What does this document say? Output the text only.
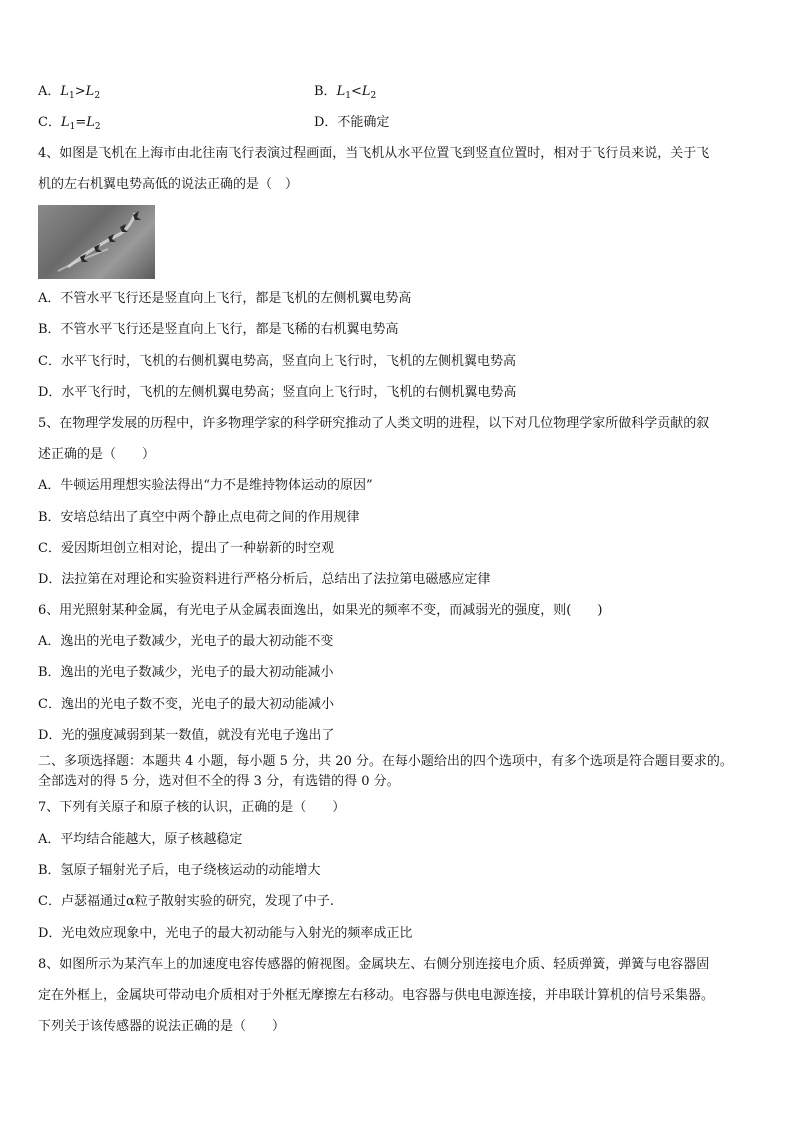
A．$L_1>L_2$	B．$L_1<L_2$
C．$L_1=L_2$	D．不能确定
4、如图是飞机在上海市由北往南飞行表演过程画面，当飞机从水平位置飞到竖直位置时，相对于飞行员来说，关于飞
机的左右机翼电势高低的说法正确的是（　）
A．不管水平飞行还是竖直向上飞行，都是飞机的左侧机翼电势高
B．不管水平飞行还是竖直向上飞行，都是飞稀的右机翼电势高
C．水平飞行时，飞机的右侧机翼电势高，竖直向上飞行时，飞机的左侧机翼电势高
D．水平飞行时，飞机的左侧机翼电势高；竖直向上飞行时，飞机的右侧机翼电势高
5、在物理学发展的历程中，许多物理学家的科学研究推动了人类文明的进程，以下对几位物理学家所做科学贡献的叙
述正确的是（　　）
A．牛顿运用理想实验法得出“力不是维持物体运动的原因”
B．安培总结出了真空中两个静止点电荷之间的作用规律
C．爱因斯坦创立相对论，提出了一种崭新的时空观
D．法拉第在对理论和实验资料进行严格分析后，总结出了法拉第电磁感应定律
6、用光照射某种金属，有光电子从金属表面逸出，如果光的频率不变，而减弱光的强度，则(　　)
A．逸出的光电子数减少，光电子的最大初动能不变
B．逸出的光电子数减少，光电子的最大初动能减小
C．逸出的光电子数不变，光电子的最大初动能减小
D．光的强度减弱到某一数值，就没有光电子逸出了
二、多项选择题：本题共 4 小题，每小题 5 分，共 20 分。在每小题给出的四个选项中，有多个选项是符合题目要求的。
全部选对的得 5 分，选对但不全的得 3 分，有选错的得 0 分。
7、下列有关原子和原子核的认识，正确的是（　　）
A．平均结合能越大，原子核越稳定
B．氢原子辐射光子后，电子绕核运动的动能增大
C．卢瑟福通过α粒子散射实验的研究，发现了中子.
D．光电效应现象中，光电子的最大初动能与入射光的频率成正比
8、如图所示为某汽车上的加速度电容传感器的俯视图。金属块左、右侧分别连接电介质、轻质弹簧，弹簧与电容器固
定在外框上，金属块可带动电介质相对于外框无摩擦左右移动。电容器与供电电源连接，并串联计算机的信号采集器。
下列关于该传感器的说法正确的是（　　）
